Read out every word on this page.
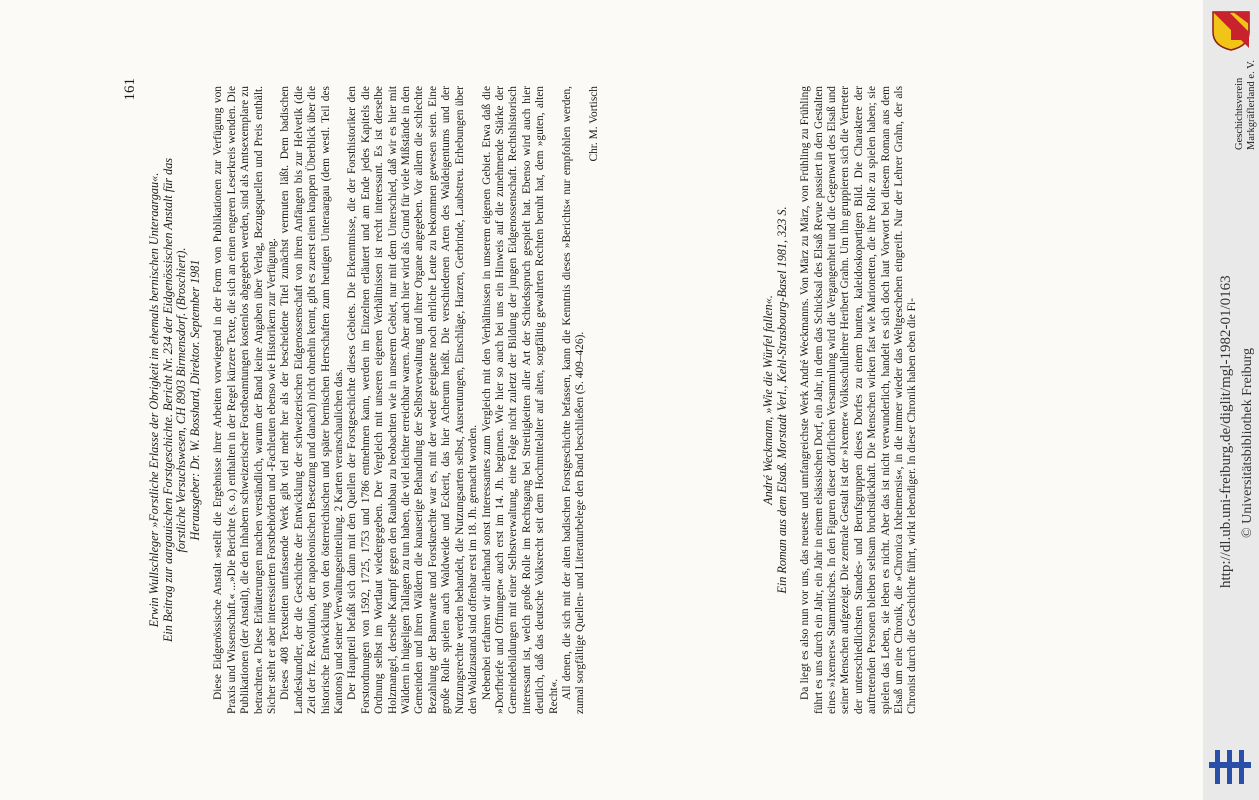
161
Erwin Wullschleger »Forstliche Erlasse der Obrigkeit im ehemals bernischen Unteraargau«. Ein Beitrag zur aargauischen Forstgeschichte. Bericht Nr. 234 der Eidgenössischen Anstalt für das forstliche Versuchswesen, CH 8903 Birmensdorf. (Broschiert). Herausgeber: Dr. W. Bosshard, Direktor. September 1981 Diese Eidgenössische Anstalt »stellt die Ergebnisse ihrer Arbeiten vorwiegend in der Form von Publikationen zur Verfügung von Praxis und Wissenschaft.« ...»Die Berichte (s. o.) enthalten in der Regel kürzere Texte, die sich an einen engeren Leserkreis wenden. Die Publikationen (der Anstalt), die den Inhabern schweizerischer Forstbeamtungen kostenlos abgegeben werden, sind als Amtsexemplare zu betrachten.« Diese Erläuterungen machen verständlich, warum der Band keine Angaben über Verlag, Bezugsquellen und Preis enthält. Sicher steht er aber interessierten Forstbehörden und -Fachleuten ebenso wie Historikern zur Verfügung. Dieses 408 Textseiten umfassende Werk gibt viel mehr her als der bescheidene Titel zunächst vermuten läßt. Dem badischen Landeskundler, der die Geschichte der Entwicklung der schweizerischen Eidgenossenschaft von ihren Anfängen bis zur Helvetik (die Zeit der frz. Revolution, der napoleonischen Besetzung und danach) nicht ohnehin kennt, gibt es zuerst einen knappen Überblick über die historische Entwicklung von den österreichischen und später bernischen Herrschaften zum heutigen Unteraargau (dem westl. Teil des Kantons) und seiner Verwaltungseinteilung. 2 Karten veranschaulichen das. Der Hauptteil befaßt sich dann mit den Quellen der Forstgeschichte dieses Gebiets. Die Erkenntnisse, die der Forsthistoriker den Forstordnungen von 1592, 1725, 1753 und 1786 entnehmen kann, werden im Einzelnen erläutert und am Ende jedes Kapitels die Ordnung selbst im Wortlaut wiedergegeben. Der Vergleich mit unseren eigenen Verhältnissen ist recht interessant. Es ist derselbe Holzmangel, derselbe Kampf gegen den Raubbau zu beobachten wie in unserem Gebiet, nur mit dem Unterschied, daß wir es hier mit Wäldern in hügeligen Tallagen zu tun haben, die viel leichter erreichbar waren. Aber auch hier wird als Grund für viele Mißstände in den Gemeinden und ihren Wäldern die knauserige Behandlung der Selbstverwaltung und ihrer Organe angegeben. Vor allem die schlechte Bezahlung der Bannwarte und Forstknechte war es, mit der weder geeignete noch ehrliche Leute zu bekommen gewesen seien. Eine große Rolle spielen auch Waldweide und Eckerit, das hier Acherum heißt. Die verschiedenen Arten des Waldeigentums und der Nutzungsrechte werden behandelt, die Nutzungsarten selbst, Ausreutungen, Einschläge, Harzen, Gerbrinde, Laubstreu. Erhebungen über den Waldzustand sind offenbar erst im 18. Jh. gemacht worden. Nebenbei erfahren wir allerhand sonst Interessantes zum Vergleich mit den Verhältnissen in unserem eigenen Gebiet. Etwa daß die »Dorfbriefe und Offnungen« auch erst im 14. Jh. beginnen. Wie hier so auch bei uns ein Hinweis auf die zunehmende Stärke der Gemeindebildungen mit einer Selbstverwaltung, eine Folge nicht zuletzt der Bildung der jungen Eidgenossenschaft. Rechtshistorisch interessant ist, welch große Rolle im Rechtsgang bei Streitigkeiten aller Art der Schiedsspruch gespielt hat. Ebenso wird auch hier deutlich, daß das deutsche Volksrecht seit dem Hochmittelalter auf alten, sorgfältig gewahrten Rechten beruht hat, dem »guten, alten Recht«. All denen, die sich mit der alten badischen Forstgeschichte befassen, kann die Kenntnis dieses »Berichts« nur empfohlen werden, zumal sorgfältige Quellen- und Literaturbelege den Band beschließen (S. 409–426).

Chr. M. Vortisch

André Weckmann, »Wie die Würfel fallen«. Ein Roman aus dem Elsaß. Morstadt Verl., Kehl-Strasbourg-Basel 1981, 323 S. Da liegt es also nun vor uns, das neueste und umfangreichste Werk André Weckmanns. Von März zu März, von Frühling zu Frühling führt es uns durch ein Jahr, ein Jahr in einem elsässischen Dorf, ein Jahr, in dem das Schicksal des Elsaß Revue passiert in den Gestalten eines »Ixemers« Stammtisches. In den Figuren dieser dörflichen Versammlung wird die Vergangenheit und die Gegenwart des Elsaß und seiner Menschen aufgezeigt. Die zentrale Gestalt ist der »Ixemer« Volksschullehrer Heribert Grahn. Um ihn gruppieren sich die Vertreter der unterschiedlichsten Standes- und Berufsgruppen dieses Dorfes zu einem bunten, kaleidoskopartigen Bild. Die Charaktere der auftretenden Personen bleiben seltsam bruchstückhaft. Die Menschen wirken fast wie Marionetten, die ihre Rolle zu spielen haben; sie spielen das Leben, sie leben es nicht. Aber das ist nicht verwunderlich, handelt es sich doch laut Vorwort bei diesem Roman aus dem Elsaß um eine Chronik, die »Chronica Ixheimensis«, in die immer wieder das Weltgeschehen eingreift. Nur der Lehrer Grahn, der als Chronist durch die Geschichte führt, wirkt lebendiger. In dieser Chronik haben eben die Fi-

Geschichtsverein Markgräflerland e. V.
http://dl.ub.uni-freiburg.de/diglit/mgl-1982-01/0163 © Universitätsbibliothek Freiburg
